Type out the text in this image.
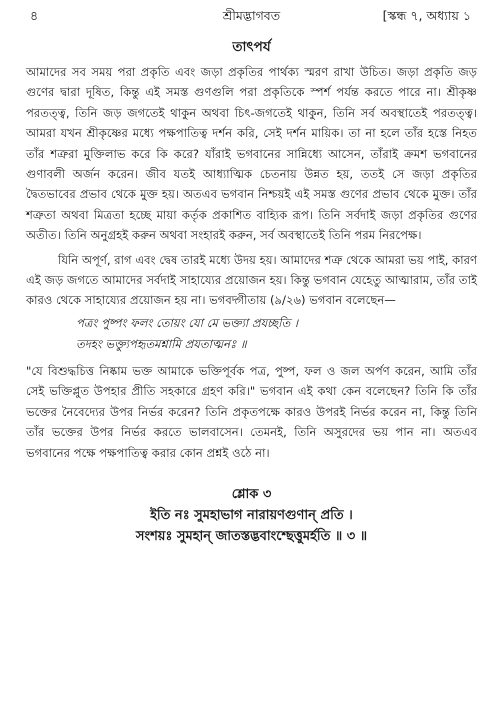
৪	শ্রীমদ্ভাগবত	[স্কন্ধ ৭, অধ্যায় ১
তাৎপর্য

আমাদের সব সময় পরা প্রকৃতি এবং জড়া প্রকৃতির পার্থক্য স্মরণ রাখা উচিত। জড়া প্রকৃতি জড় গুণের দ্বারা দূষিত, কিন্তু এই সমস্ত গুণগুলি পরা প্রকৃতিকে স্পর্শ পর্যন্ত করতে পারে না। শ্রীকৃষ্ণ পরতত্ত্ব, তিনি জড় জগতেই থাকুন অথবা চিৎ-জগতেই থাকুন, তিনি সর্ব অবস্থাতেই পরতত্ত্ব। আমরা যখন শ্রীকৃষ্ণের মধ্যে পক্ষপাতিত্ব দর্শন করি, সেই দর্শন মায়িক। তা না হলে তাঁর হস্তে নিহত তাঁর শত্রুরা মুক্তিলাভ করে কি করে? যাঁরাই ভগবানের সান্নিধ্যে আসেন, তাঁরাই ক্রমশ ভগবানের গুণাবলী অর্জন করেন। জীব যতই আধ্যাত্মিক চেতনায় উন্নত হয়, ততই সে জড়া প্রকৃতির দ্বৈতভাবের প্রভাব থেকে মুক্ত হয়। অতএব ভগবান নিশ্চয়ই এই সমস্ত গুণের প্রভাব থেকে মুক্ত। তাঁর শত্রুতা অথবা মিত্রতা হচ্ছে মায়া কর্তৃক প্রকাশিত বাহ্যিক রূপ। তিনি সর্বদাই জড়া প্রকৃতির গুণের অতীত। তিনি অনুগ্রহই করুন অথবা সংহারই করুন, সর্ব অবস্থাতেই তিনি পরম নিরপেক্ষ।

যিনি অপূর্ণ, রাগ এবং দ্বেষ তারই মধ্যে উদয় হয়। আমাদের শত্রু থেকে আমরা ভয় পাই, কারণ এই জড় জগতে আমাদের সর্বদাই সাহায্যের প্রয়োজন হয়। কিন্তু ভগবান যেহেতু আত্মারাম, তাঁর তাই কারও থেকে সাহায্যের প্রয়োজন হয় না। ভগবদ্গীতায় (৯/২৬) ভগবান বলেছেন—

পত্রং পুষ্পং ফলং তোয়ং যো মে ভক্ত্যা প্রযচ্ছতি ।
তদহং ভক্ত্যুপহৃতমশ্নামি প্রযতাত্মনঃ ॥

"যে বিশুদ্ধচিত্ত নিষ্কাম ভক্ত আমাকে ভক্তিপূর্বক পত্র, পুষ্প, ফল ও জল অর্পণ করেন, আমি তাঁর সেই ভক্তিপ্লুত উপহার প্রীতি সহকারে গ্রহণ করি।" ভগবান এই কথা কেন বলেছেন? তিনি কি তাঁর ভক্তের নৈবেদ্যের উপর নির্ভর করেন? তিনি প্রকৃতপক্ষে কারও উপরই নির্ভর করেন না, কিন্তু তিনি তাঁর ভক্তের উপর নির্ভর করতে ভালবাসেন। তেমনই, তিনি অসুরদের ভয় পান না। অতএব ভগবানের পক্ষে পক্ষপাতিত্ব করার কোন প্রশ্নই ওঠে না।

শ্লোক ৩
ইতি নঃ সুমহাভাগ নারায়ণগুণান্ প্রতি ।
সংশয়ঃ সুমহান্ জাতস্তদ্ভবাংশ্ছেত্তুমর্হতি ॥ ৩ ॥
